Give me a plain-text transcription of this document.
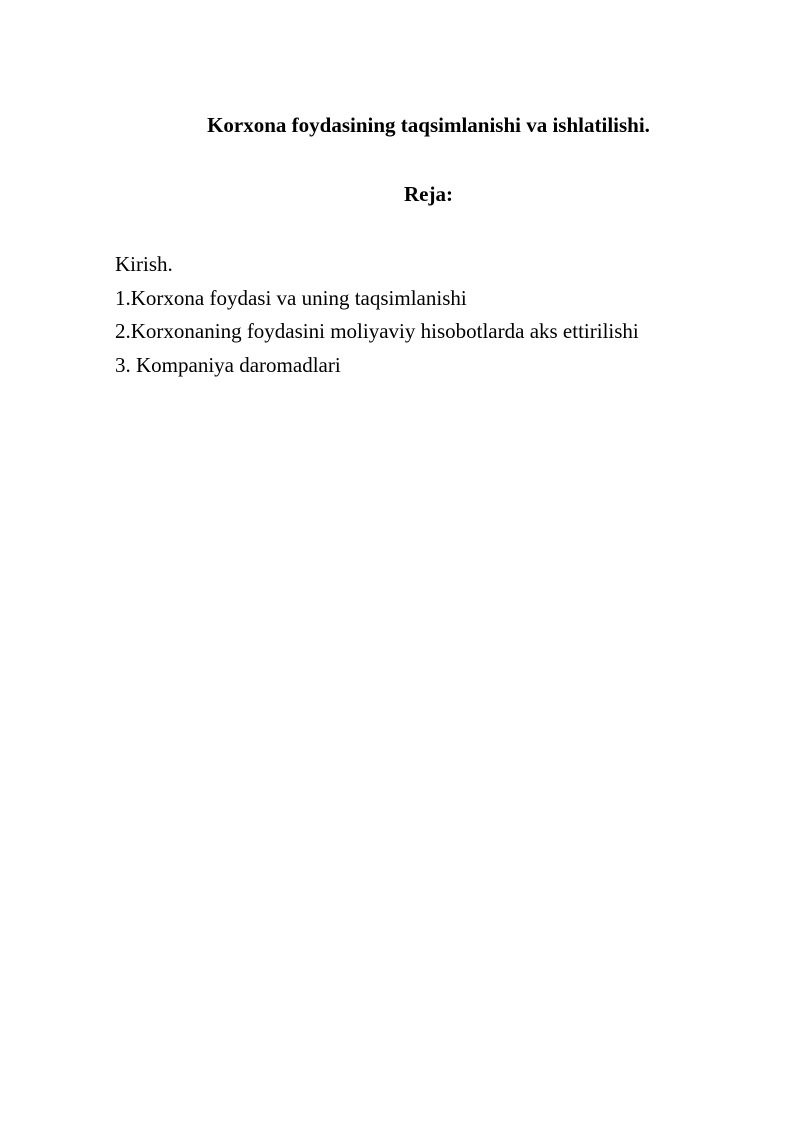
Korxona foydasining taqsimlanishi va ishlatilishi.
Reja:
Kirish.
1.Korxona foydasi va uning taqsimlanishi
2.Korxonaning foydasini moliyaviy hisobotlarda aks ettirilishi
3. Kompaniya daromadlari
